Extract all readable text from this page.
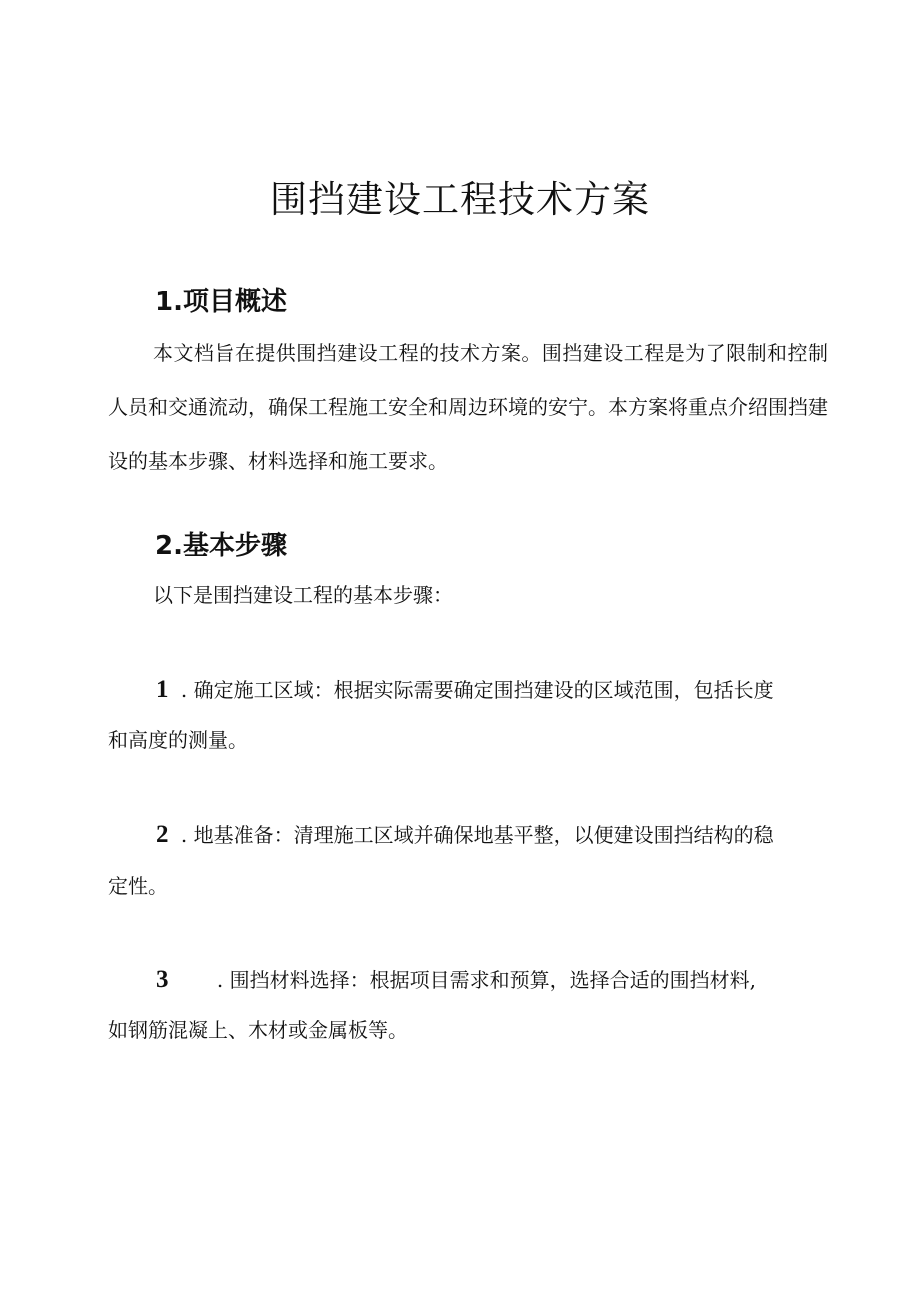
围挡建设工程技术方案
1.项目概述

本文档旨在提供围挡建设工程的技术方案。围挡建设工程是为了限制和控制人员和交通流动，确保工程施工安全和周边环境的安宁。本方案将重点介绍围挡建设的基本步骤、材料选择和施工要求。

2.基本步骤

以下是围挡建设工程的基本步骤：

1 . 确定施工区域：根据实际需要确定围挡建设的区域范围，包括长度

和高度的测量。

2 . 地基准备：清理施工区域并确保地基平整，以便建设围挡结构的稳

定性。

3 . 围挡材料选择：根据项目需求和预算，选择合适的围挡材料,

如钢筋混凝上、木材或金属板等。
